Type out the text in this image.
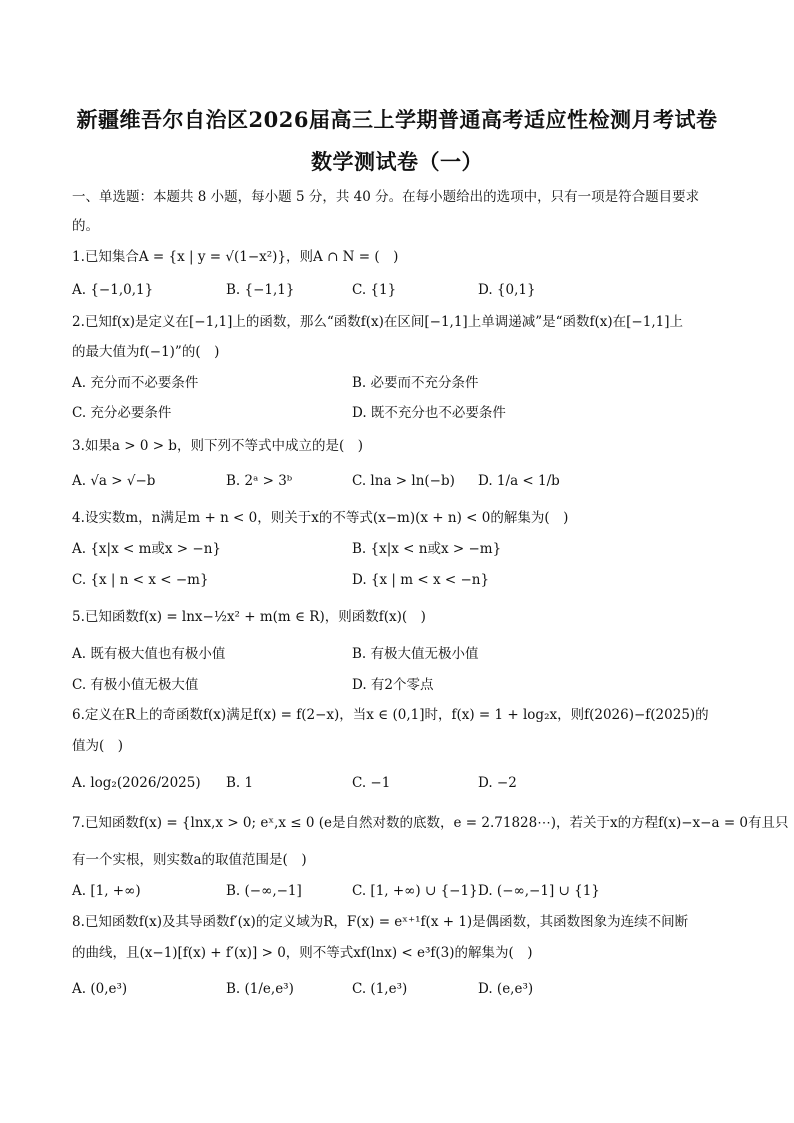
新疆维吾尔自治区2026届高三上学期普通高考适应性检测月考试卷
数学测试卷（一）
一、单选题：本题共 8 小题，每小题 5 分，共 40 分。在每小题给出的选项中，只有一项是符合题目要求
的。
1.已知集合A = {x | y = √(1−x²)}，则A ∩ N = (　)
A. {−1,0,1}	B. {−1,1}	C. {1}	D. {0,1}
2.已知f(x)是定义在[−1,1]上的函数，那么“函数f(x)在区间[−1,1]上单调递减”是“函数f(x)在[−1,1]上
的最大值为f(−1)”的(　)
A. 充分而不必要条件	B. 必要而不充分条件
C. 充分必要条件	D. 既不充分也不必要条件
3.如果a > 0 > b，则下列不等式中成立的是(　)
A. √a > √−b	B. 2ᵃ > 3ᵇ	C. lna > ln(−b) D. 1/a < 1/b
4.设实数m，n满足m + n < 0，则关于x的不等式(x−m)(x + n) < 0的解集为(　)
A. {x|x < m或x > −n}	B. {x|x < n或x > −m}
C. {x | n < x < −m}	D. {x | m < x < −n}
5.已知函数f(x) = lnx−½x² + m(m ∈ R)，则函数f(x)(　)
A. 既有极大值也有极小值	B. 有极大值无极小值
C. 有极小值无极大值	D. 有2个零点
6.定义在R上的奇函数f(x)满足f(x) = f(2−x)，当x ∈ (0,1]时，f(x) = 1 + log₂x，则f(2026)−f(2025)的
值为(　)
A. log₂(2026/2025) B. 1	C. −1	D. −2
7.已知函数f(x) = {lnx,x > 0; eˣ,x ≤ 0 (e是自然对数的底数，e = 2.71828⋯)，若关于x的方程f(x)−x−a = 0有且只
有一个实根，则实数a的取值范围是(　)
A. [1, +∞)	B. (−∞,−1]	C. [1, +∞) ∪ {−1} D. (−∞,−1] ∪ {1}
8.已知函数f(x)及其导函数f′(x)的定义域为R，F(x) = eˣ⁺¹f(x + 1)是偶函数，其函数图象为连续不间断
的曲线，且(x−1)[f(x) + f′(x)] > 0，则不等式xf(lnx) < e³f(3)的解集为(　)
A. (0,e³)	B. (1/e,e³)	C. (1,e³)	D. (e,e³)
